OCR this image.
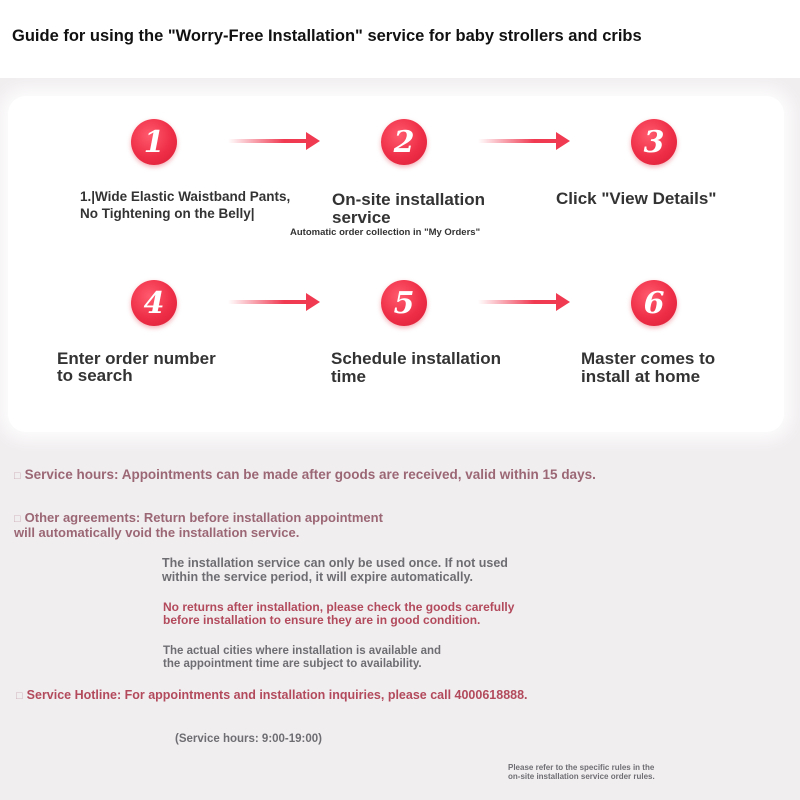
Guide for using the "Worry-Free Installation" service for baby strollers and cribs
1	2	3
1.|Wide Elastic Waistband Pants,
No Tightening on the Belly|
On-site installation
service
Automatic order collection in "My Orders"
Click "View Details"
4	5	6
Enter order number
to search
Schedule installation
time
Master comes to
install at home
□ Service hours: Appointments can be made after goods are received, valid within 15 days.
□ Other agreements: Return before installation appointment
will automatically void the installation service.
The installation service can only be used once. If not used
within the service period, it will expire automatically.
No returns after installation, please check the goods carefully
before installation to ensure they are in good condition.
The actual cities where installation is available and
the appointment time are subject to availability.
□ Service Hotline: For appointments and installation inquiries, please call 4000618888.
(Service hours: 9:00-19:00)
Please refer to the specific rules in the
on-site installation service order rules.
